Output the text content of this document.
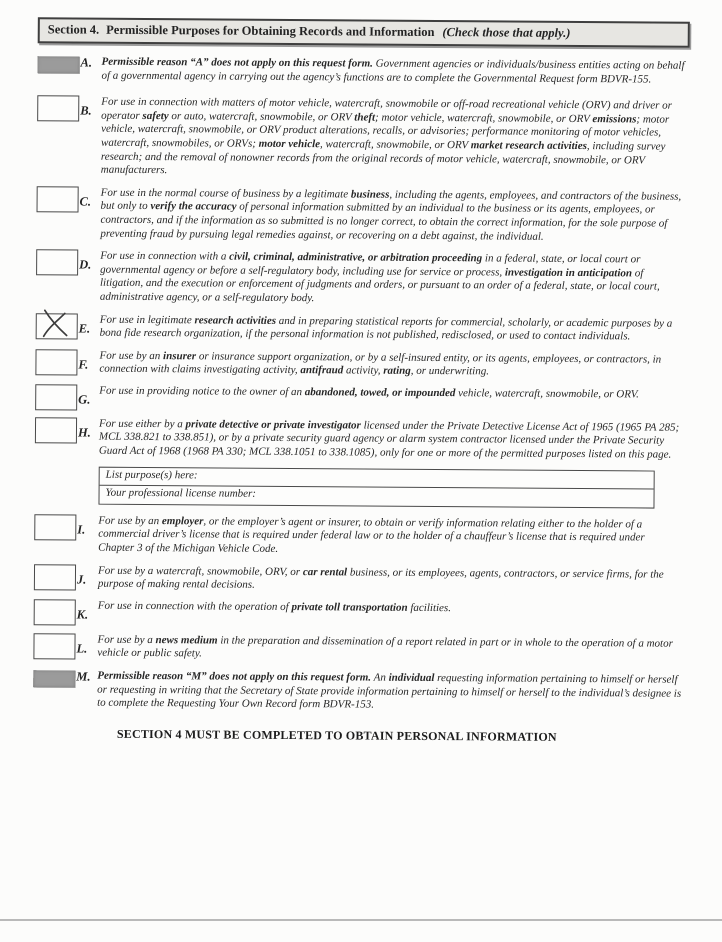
Section 4. Permissible Purposes for Obtaining Records and Information (Check those that apply.)
A. Permissible reason “A” does not apply on this request form. Government agencies or individuals/business entities acting on behalf of a governmental agency in carrying out the agency’s functions are to complete the Governmental Request form BDVR-155.
B. For use in connection with matters of motor vehicle, watercraft, snowmobile or off-road recreational vehicle (ORV) and driver or operator safety or auto, watercraft, snowmobile, or ORV theft; motor vehicle, watercraft, snowmobile, or ORV emissions; motor vehicle, watercraft, snowmobile, or ORV product alterations, recalls, or advisories; performance monitoring of motor vehicles, watercraft, snowmobiles, or ORVs; motor vehicle, watercraft, snowmobile, or ORV market research activities, including survey research; and the removal of nonowner records from the original records of motor vehicle, watercraft, snowmobile, or ORV manufacturers.
C.
For use in the normal course of business by a legitimate business, including the agents, employees, and contractors of the business, but only to verify the accuracy of personal information submitted by an individual to the business or its agents, employees, or contractors, and if the information as so submitted is no longer correct, to obtain the correct information, for the sole purpose of preventing fraud by pursuing legal remedies against, or recovering on a debt against, the individual.
D.
For use in connection with a civil, criminal, administrative, or arbitration proceeding in a federal, state, or local court or governmental agency or before a self-regulatory body, including use for service or process, investigation in anticipation of litigation, and the execution or enforcement of judgments and orders, or pursuant to an order of a federal, state, or local court, administrative agency, or a self-regulatory body.
E.
For use in legitimate research activities and in preparing statistical reports for commercial, scholarly, or academic purposes by a bona fide research organization, if the personal information is not published, redisclosed, or used to contact individuals.
F.
For use by an insurer or insurance support organization, or by a self-insured entity, or its agents, employees, or contractors, in connection with claims investigating activity, antifraud activity, rating, or underwriting.
G.
For use in providing notice to the owner of an abandoned, towed, or impounded vehicle, watercraft, snowmobile, or ORV.
H.
For use either by a private detective or private investigator licensed under the Private Detective License Act of 1965 (1965 PA 285; MCL 338.821 to 338.851), or by a private security guard agency or alarm system contractor licensed under the Private Security Guard Act of 1968 (1968 PA 330; MCL 338.1051 to 338.1085), only for one or more of the permitted purposes listed on this page.
List purpose(s) here:
Your professional license number:
I.
For use by an employer, or the employer’s agent or insurer, to obtain or verify information relating either to the holder of a commercial driver’s license that is required under federal law or to the holder of a chauffeur’s license that is required under Chapter 3 of the Michigan Vehicle Code.
J.
For use by a watercraft, snowmobile, ORV, or car rental business, or its employees, agents, contractors, or service firms, for the purpose of making rental decisions.
K.
For use in connection with the operation of private toll transportation facilities.
L.
For use by a news medium in the preparation and dissemination of a report related in part or in whole to the operation of a motor vehicle or public safety.
M. Permissible reason “M” does not apply on this request form. An individual requesting information pertaining to himself or herself or requesting in writing that the Secretary of State provide information pertaining to himself or herself to the individual’s designee is to complete the Requesting Your Own Record form BDVR-153.
SECTION 4 MUST BE COMPLETED TO OBTAIN PERSONAL INFORMATION
